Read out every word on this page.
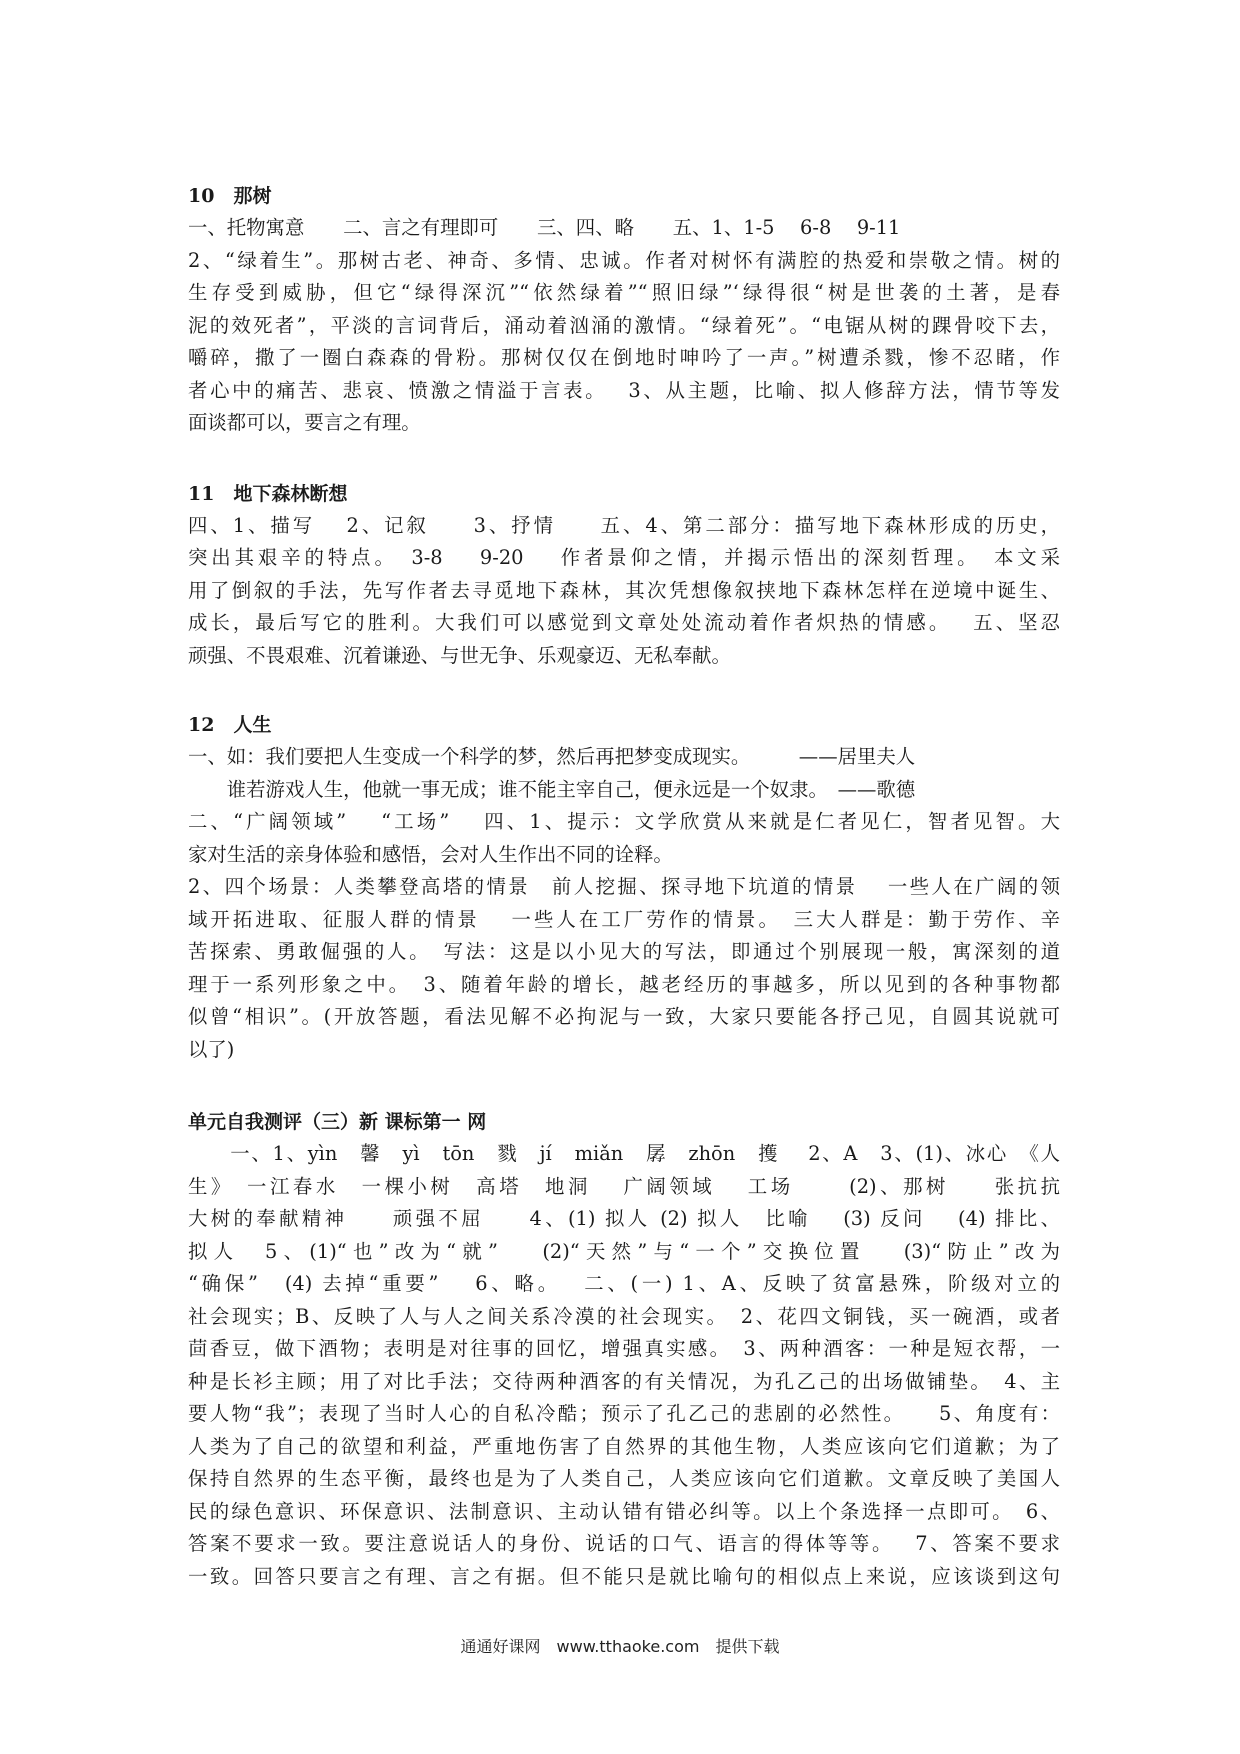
10　那树
一、托物寓意　　二、言之有理即可　　三、四、略　　五、1、1-5　 6-8　 9-11
2、“绿着生”。那树古老、神奇、多情、忠诚。作者对树怀有满腔的热爱和崇敬之情。树的
生存受到威胁，但它“绿得深沉”“依然绿着”“照旧绿”‘绿得很“树是世袭的土著，是春
泥的效死者”，平淡的言词背后，涌动着汹涌的激情。“绿着死”。“电锯从树的踝骨咬下去，
嚼碎，撒了一圈白森森的骨粉。那树仅仅在倒地时呻吟了一声。”树遭杀戮，惨不忍睹，作
者心中的痛苦、悲哀、愤激之情溢于言表。　 3、从主题，比喻、拟人修辞方法，情节等发
面谈都可以，要言之有理。
11　地下森林断想
四、1、描写　 2、记叙　　3、抒情　　五、4、第二部分：描写地下森林形成的历史，
突出其艰辛的特点。　3-8　 9-20　 作者景仰之情，并揭示悟出的深刻哲理。　本文采
用了倒叙的手法，先写作者去寻觅地下森林，其次凭想像叙挟地下森林怎样在逆境中诞生、
成长，最后写它的胜利。大我们可以感觉到文章处处流动着作者炽热的情感。　 五、坚忍
顽强、不畏艰难、沉着谦逊、与世无争、乐观豪迈、无私奉献。
12　人生
一、如：我们要把人生变成一个科学的梦，然后再把梦变成现实。　　　——居里夫人
　　谁若游戏人生，他就一事无成；谁不能主宰自己，便永远是一个奴隶。　——歌德
二、“广阔领域”　 “工场”　 四、1、提示：文学欣赏从来就是仁者见仁，智者见智。大
家对生活的亲身体验和感悟，会对人生作出不同的诠释。
2、四个场景：人类攀登高塔的情景　前人挖掘、探寻地下坑道的情景　 一些人在广阔的领
域开拓进取、征服人群的情景　 一些人在工厂劳作的情景。　三大人群是：勤于劳作、辛
苦探索、勇敢倔强的人。　写法：这是以小见大的写法，即通过个别展现一般，寓深刻的道
理于一系列形象之中。　3、随着年龄的增长，越老经历的事越多，所以见到的各种事物都
似曾“相识”。(开放答题，看法见解不必拘泥与一致，大家只要能各抒己见，自圆其说就可
以了)
单元自我测评（三）新 课标第一 网
　　一、1、yìn　馨　yì　tōn　戮　jí　miǎn　孱　zhōn　擭　 2、A　3、(1)、冰心　《人
生》　一江春水　一棵小树　高塔　地洞　 广阔领域　 工场　　 (2)、那树　　张抗抗
大树的奉献精神　　顽强不屈　　4、(1) 拟人 (2) 拟人　比喻　 (3) 反问　 (4) 排比、
拟人　5、(1)“也”改为“就”　 (2)“天然”与“一个”交换位置　 (3)“防止”改为
“确保”　(4) 去掉“重要”　 6、略。　 二、(一) 1、A、反映了贫富悬殊，阶级对立的
社会现实；B、反映了人与人之间关系冷漠的社会现实。　2、花四文铜钱，买一碗酒，或者
茴香豆，做下酒物；表明是对往事的回忆，增强真实感。　3、两种酒客：一种是短衣帮，一
种是长衫主顾；用了对比手法；交待两种酒客的有关情况，为孔乙己的出场做铺垫。　4、主
要人物“我”；表现了当时人心的自私冷酷；预示了孔乙己的悲剧的必然性。　　5、角度有：
人类为了自己的欲望和利益，严重地伤害了自然界的其他生物，人类应该向它们道歉；为了
保持自然界的生态平衡，最终也是为了人类自己，人类应该向它们道歉。文章反映了美国人
民的绿色意识、环保意识、法制意识、主动认错有错必纠等。以上个条选择一点即可。　6、
答案不要求一致。要注意说话人的身份、说话的口气、语言的得体等等。　 7、答案不要求
一致。回答只要言之有理、言之有据。但不能只是就比喻句的相似点上来说，应该谈到这句
通通好课网　www.tthaoke.com　提供下载
